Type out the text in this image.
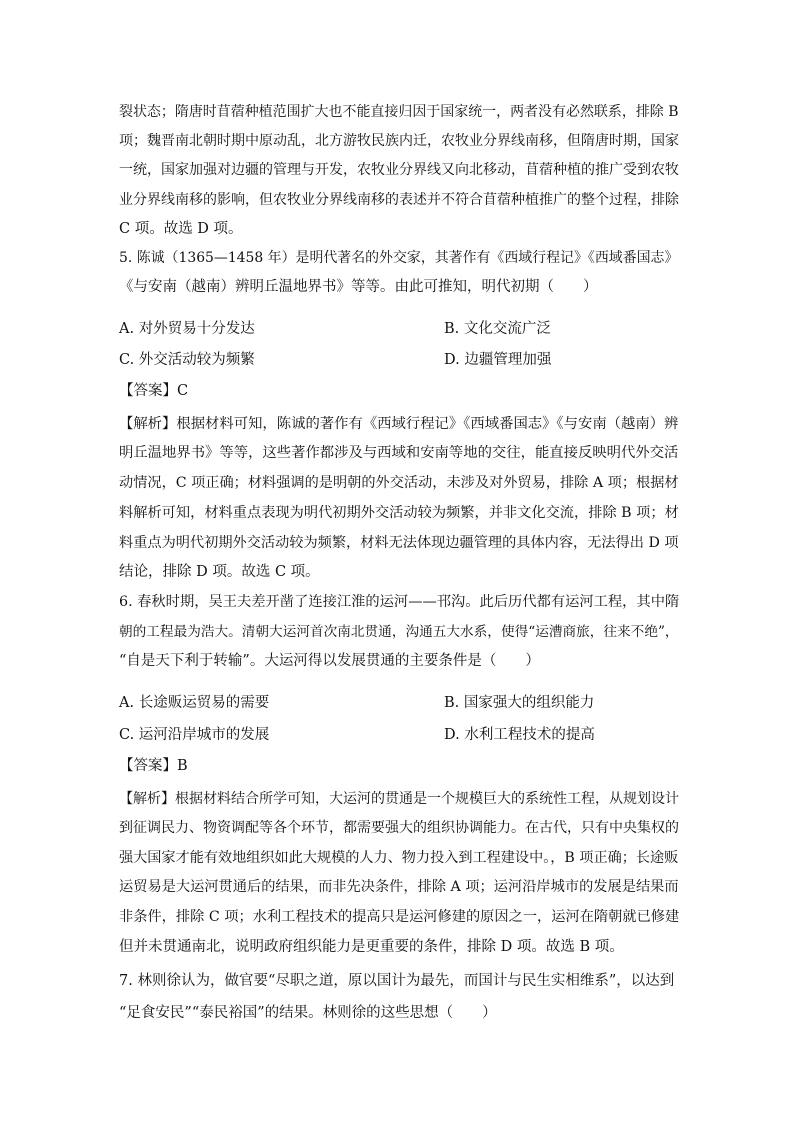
裂状态；隋唐时苜蓿种植范围扩大也不能直接归因于国家统一，两者没有必然联系，排除 B
项；魏晋南北朝时期中原动乱，北方游牧民族内迁，农牧业分界线南移，但隋唐时期，国家
一统，国家加强对边疆的管理与开发，农牧业分界线又向北移动，苜蓿种植的推广受到农牧
业分界线南移的影响，但农牧业分界线南移的表述并不符合苜蓿种植推广的整个过程，排除
C 项。故选 D 项。
5. 陈诚（1365—1458 年）是明代著名的外交家，其著作有《西域行程记》《西域番国志》
《与安南（越南）辨明丘温地界书》等等。由此可推知，明代初期（　　）
A. 对外贸易十分发达	B. 文化交流广泛
C. 外交活动较为频繁	D. 边疆管理加强
【答案】C
【解析】根据材料可知，陈诚的著作有《西域行程记》《西域番国志》《与安南（越南）辨
明丘温地界书》等等，这些著作都涉及与西域和安南等地的交往，能直接反映明代外交活
动情况，C 项正确；材料强调的是明朝的外交活动，未涉及对外贸易，排除 A 项；根据材
料解析可知，材料重点表现为明代初期外交活动较为频繁，并非文化交流，排除 B 项；材
料重点为明代初期外交活动较为频繁，材料无法体现边疆管理的具体内容，无法得出 D 项
结论，排除 D 项。故选 C 项。
6. 春秋时期，吴王夫差开凿了连接江淮的运河——邗沟。此后历代都有运河工程，其中隋
朝的工程最为浩大。清朝大运河首次南北贯通，沟通五大水系，使得“运漕商旅，往来不绝”，
“自是天下利于转输”。大运河得以发展贯通的主要条件是（　　）
A. 长途贩运贸易的需要	B. 国家强大的组织能力
C. 运河沿岸城市的发展	D. 水利工程技术的提高
【答案】B
【解析】根据材料结合所学可知，大运河的贯通是一个规模巨大的系统性工程，从规划设计
到征调民力、物资调配等各个环节，都需要强大的组织协调能力。在古代，只有中央集权的
强大国家才能有效地组织如此大规模的人力、物力投入到工程建设中。，B 项正确；长途贩
运贸易是大运河贯通后的结果，而非先决条件，排除 A 项；运河沿岸城市的发展是结果而
非条件，排除 C 项；水利工程技术的提高只是运河修建的原因之一，运河在隋朝就已修建
但并未贯通南北，说明政府组织能力是更重要的条件，排除 D 项。故选 B 项。
7. 林则徐认为，做官要“尽职之道，原以国计为最先，而国计与民生实相维系”，以达到
“足食安民”“泰民裕国”的结果。林则徐的这些思想（　　）
